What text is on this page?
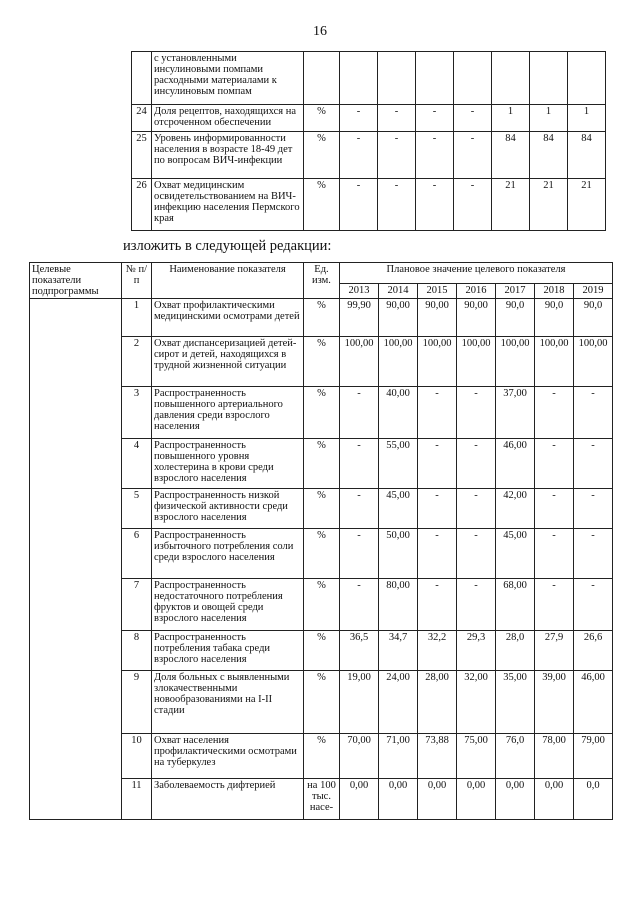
16
	с установленными инсулиновыми помпами расходными материалами к инсулиновым помпам								
24	Доля рецептов, находящихся на отсроченном обеспечении	%	-	-	-	-	1	1	1
25	Уровень информированности населения в возрасте 18-49 дет по вопросам ВИЧ-инфекции	%	-	-	-	-	84	84	84
26	Охват медицинским освидетельствованием на ВИЧ-инфекцию населения Пермского края	%	-	-	-	-	21	21	21
изложить в следующей редакции:
Целевые показатели подпрограммы	№ п/п	Наименование показателя	Ед. изм.	Плановое значение целевого показателя						
				2013	2014	2015	2016	2017	2018	2019
	1	Охват профилактическими медицинскими осмотрами детей	%	99,90	90,00	90,00	90,00	90,0	90,0	90,0
	2	Охват диспансеризацией детей-сирот и детей, находящихся в трудной жизненной ситуации	%	100,00	100,00	100,00	100,00	100,00	100,00	100,00
	3	Распространенность повышенного артериального давления среди взрослого населения	%	-	40,00	-	-	37,00	-	-
	4	Распространенность повышенного уровня холестерина в крови среди взрослого населения	%	-	55,00	-	-	46,00	-	-
	5	Распространенность низкой физической активности среди взрослого населения	%	-	45,00	-	-	42,00	-	-
	6	Распространенность избыточного потребления соли среди взрослого населения	%	-	50,00	-	-	45,00	-	-
	7	Распространенность недостаточного потребления фруктов и овощей среди взрослого населения	%	-	80,00	-	-	68,00	-	-
	8	Распространенность потребления табака среди взрослого населения	%	36,5	34,7	32,2	29,3	28,0	27,9	26,6
	9	Доля больных с выявленными злокачественными новообразованиями на I-II стадии	%	19,00	24,00	28,00	32,00	35,00	39,00	46,00
	10	Охват населения профилактическими осмотрами на туберкулез	%	70,00	71,00	73,88	75,00	76,0	78,00	79,00
	11	Заболеваемость дифтерией	на 100 тыс. насе-	0,00	0,00	0,00	0,00	0,00	0,00	0,0
